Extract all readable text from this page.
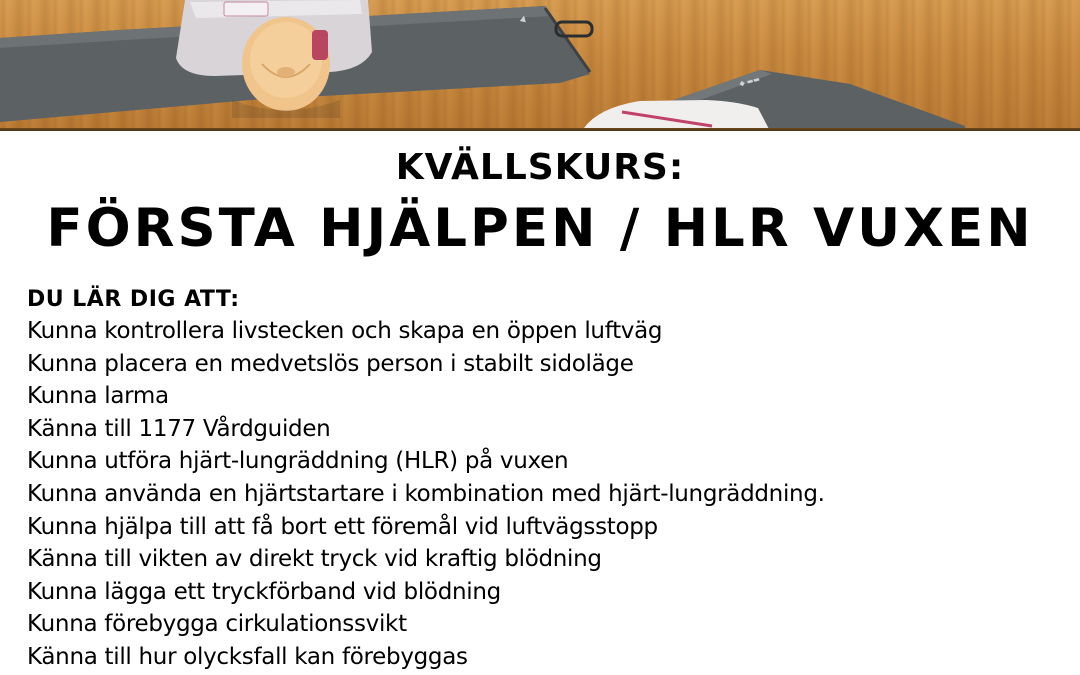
▲
◆ ▬▬
KVÄLLSKURS:
FÖRSTA HJÄLPEN / HLR VUXEN
DU LÄR DIG ATT:
Kunna kontrollera livstecken och skapa en öppen luftväg
Kunna placera en medvetslös person i stabilt sidoläge
Kunna larma
Känna till 1177 Vårdguiden
Kunna utföra hjärt-lungräddning (HLR) på vuxen
Kunna använda en hjärtstartare i kombination med hjärt-lungräddning.
Kunna hjälpa till att få bort ett föremål vid luftvägsstopp
Känna till vikten av direkt tryck vid kraftig blödning
Kunna lägga ett tryckförband vid blödning
Kunna förebygga cirkulationssvikt
Känna till hur olycksfall kan förebyggas
